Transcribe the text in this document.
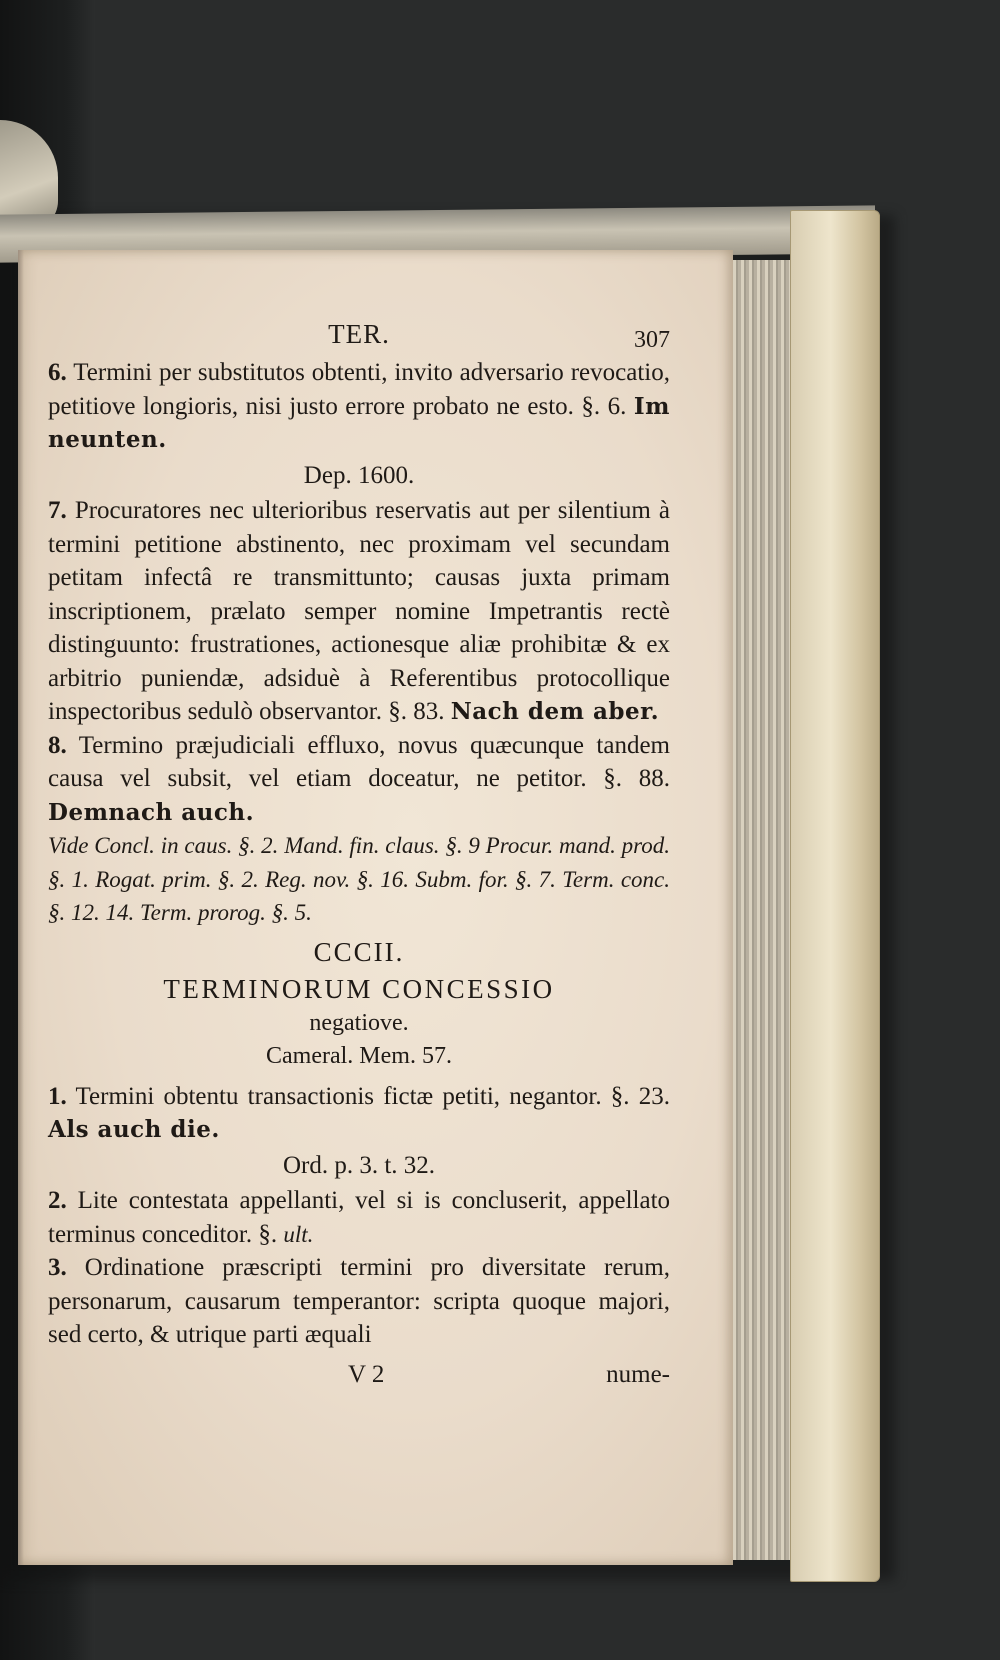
TER.	307

6. Termini per substitutos obtenti, invito adversario revocatio, petitiove longioris, nisi justo errore probato ne esto. §. 6. Im neunten.

Dep. 1600.

7. Procuratores nec ulterioribus reservatis aut per silentium à termini petitione abstinento, nec proximam vel secundam petitam infectâ re transmittunto; causas juxta primam inscriptionem, prælato semper nomine Impetrantis rectè distinguunto: frustrationes, actionesque aliæ prohibitæ & ex arbitrio puniendæ, adsiduè à Referentibus protocollique inspectoribus sedulò observantor. §. 83. Nach dem aber.

8. Termino præjudiciali effluxo, novus quæcunque tandem causa vel subsit, vel etiam doceatur, ne petitor. §. 88. Demnach auch.

Vide Concl. in caus. §. 2. Mand. fin. claus. §. 9 Procur. mand. prod. §. 1. Rogat. prim. §. 2. Reg. nov. §. 16. Subm. for. §. 7. Term. conc. §. 12. 14. Term. prorog. §. 5.

CCCII.
TERMINORUM CONCESSIO
negatiove.
Cameral. Mem. 57.

1. Termini obtentu transactionis fictæ petiti, negantor. §. 23. Als auch die.

Ord. p. 3. t. 32.

2. Lite contestata appellanti, vel si is concluserit, appellato terminus conceditor. §. ult.

3. Ordinatione præscripti termini pro diversitate rerum, personarum, causarum temperantor: scripta quoque majori, sed certo, & utrique parti æquali

V 2	nume-
